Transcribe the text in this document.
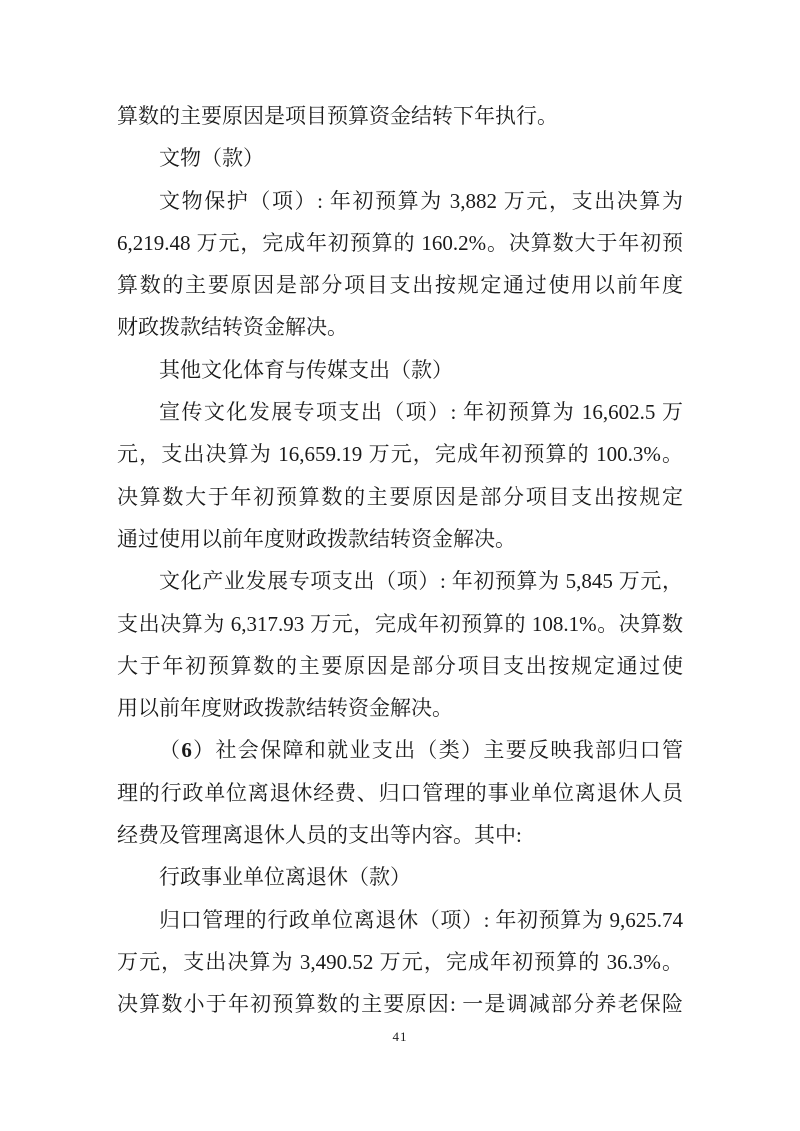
算数的主要原因是项目预算资金结转下年执行。
文物（款）
文物保护（项）: 年初预算为 3,882 万元，支出决算为
6,219.48 万元，完成年初预算的 160.2%。决算数大于年初预
算数的主要原因是部分项目支出按规定通过使用以前年度
财政拨款结转资金解决。
其他文化体育与传媒支出（款）
宣传文化发展专项支出（项）: 年初预算为 16,602.5 万
元，支出决算为 16,659.19 万元，完成年初预算的 100.3%。
决算数大于年初预算数的主要原因是部分项目支出按规定
通过使用以前年度财政拨款结转资金解决。
文化产业发展专项支出（项）: 年初预算为 5,845 万元，
支出决算为 6,317.93 万元，完成年初预算的 108.1%。决算数
大于年初预算数的主要原因是部分项目支出按规定通过使
用以前年度财政拨款结转资金解决。
（6）社会保障和就业支出（类）主要反映我部归口管
理的行政单位离退休经费、归口管理的事业单位离退休人员
经费及管理离退休人员的支出等内容。其中:
行政事业单位离退休（款）
归口管理的行政单位离退休（项）: 年初预算为 9,625.74
万元，支出决算为 3,490.52 万元，完成年初预算的 36.3%。
决算数小于年初预算数的主要原因: 一是调减部分养老保险
41
